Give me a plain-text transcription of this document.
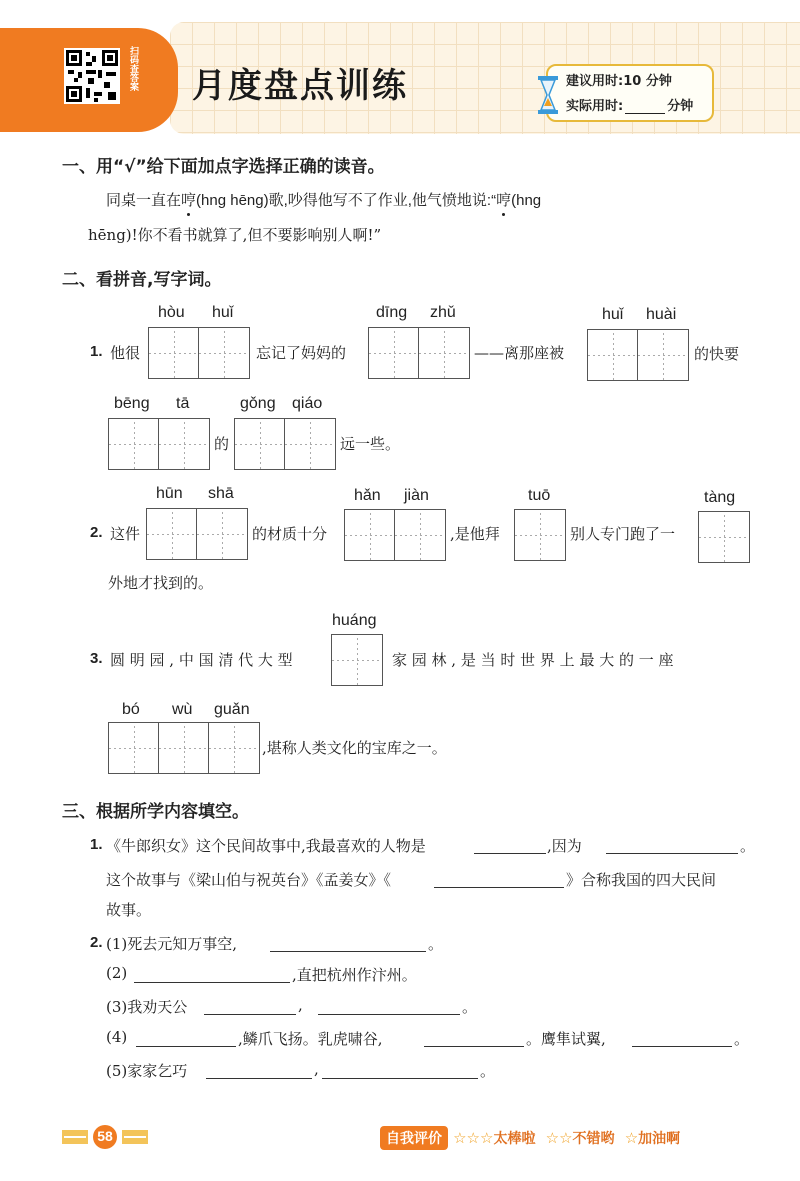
扫码查答案 月度盘点训练	建议用时:10 分钟
实际用时:	分钟
一、用“√”给下面加点字选择正确的读音。
同桌一直在哼(hng hēng)歌,吵得他写不了作业,他气愤地说:“哼(hng
hēng)!你不看书就算了,但不要影响别人啊!”
二、看拼音,写字词。
hòu huǐ	dīng zhǔ	huǐ huài
1. 他很	忘记了妈妈的	——离那座被	的快要
bēng tā	gǒng qiáo
的	远一些。
hūn shā	hǎn jiàn	tuō	tàng
2. 这件	的材质十分	,是他拜	别人专门跑了一
外地才找到的。
huáng
3. 圆 明 园 , 中 国 清 代 大 型	家 园 林 , 是 当 时 世 界 上 最 大 的 一 座
bó wù guǎn
,堪称人类文化的宝库之一。
三、根据所学内容填空。
1. 《牛郎织女》这个民间故事中,我最喜欢的人物是	,因为	。
这个故事与《梁山伯与祝英台》《孟姜女》《	》合称我国的四大民间
故事。
2. (1)死去元知万事空,	。
(2)	,直把杭州作汴州。
(3)我劝天公	,	。
(4)	,鳞爪飞扬。乳虎啸谷,	。鹰隼试翼,	。
(5)家家乞巧	,	。
58	自我评价 ☆☆☆太棒啦 ☆☆不错哟 ☆加油啊
